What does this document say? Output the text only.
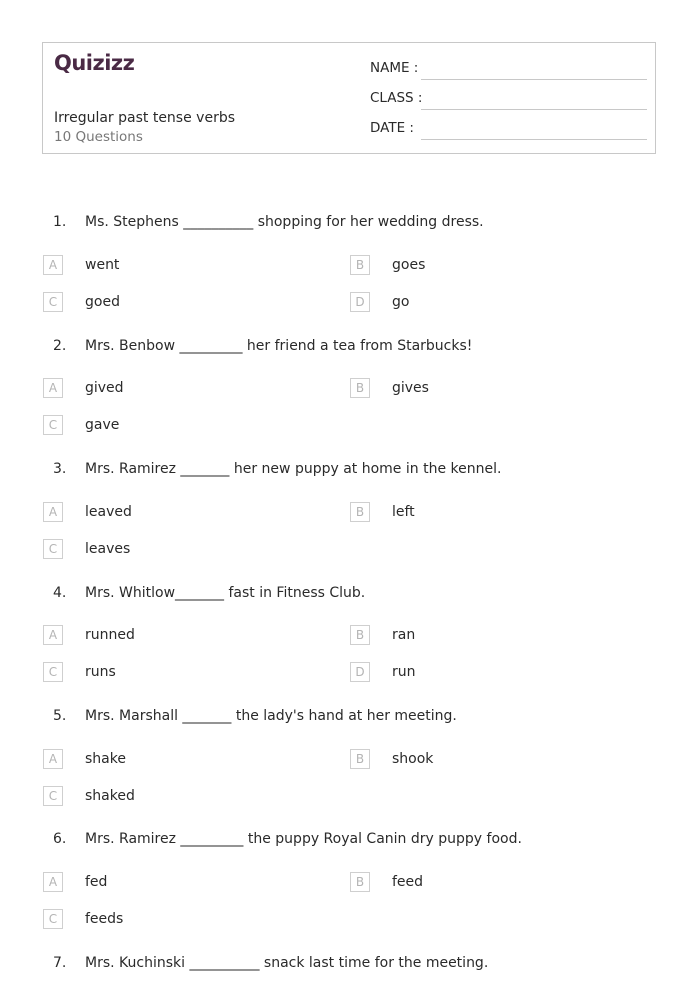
Quizizz
Irregular past tense verbs
10 Questions
NAME :
CLASS :
DATE :
1. Ms. Stephens __________ shopping for her wedding dress.
A	went	B	goes
C	goed	D	go
2. Mrs. Benbow _________ her friend a tea from Starbucks!
A	gived	B	gives
C	gave
3. Mrs. Ramirez _______ her new puppy at home in the kennel.
A	leaved	B	left
C	leaves
4. Mrs. Whitlow_______ fast in Fitness Club.
A	runned	B	ran
C	runs	D	run
5. Mrs. Marshall _______ the lady's hand at her meeting.
A	shake	B	shook
C	shaked
6. Mrs. Ramirez _________ the puppy Royal Canin dry puppy food.
A	fed	B	feed
C	feeds
7. Mrs. Kuchinski __________ snack last time for the meeting.
